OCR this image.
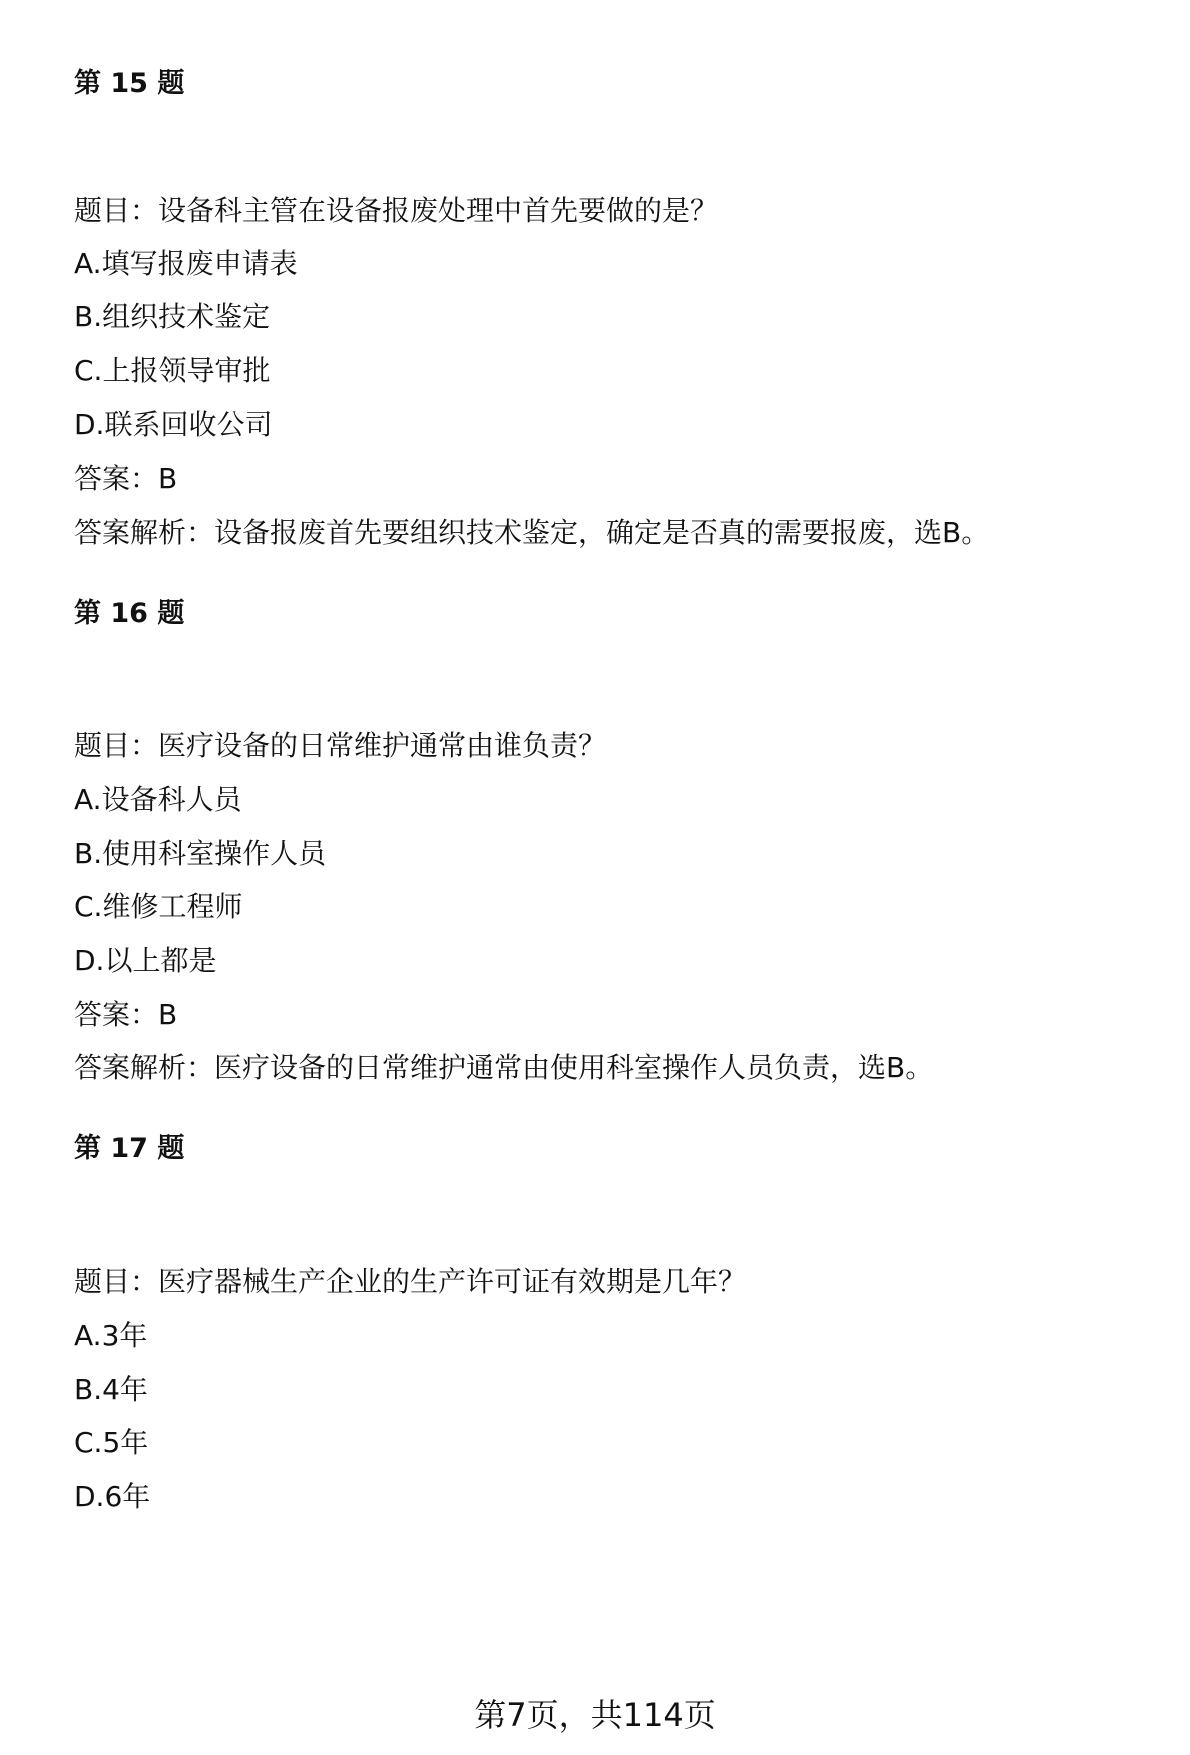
第 15 题
题目：设备科主管在设备报废处理中首先要做的是？
A.填写报废申请表
B.组织技术鉴定
C.上报领导审批
D.联系回收公司
答案：B
答案解析：设备报废首先要组织技术鉴定，确定是否真的需要报废，选B。
第 16 题
题目：医疗设备的日常维护通常由谁负责？
A.设备科人员
B.使用科室操作人员
C.维修工程师
D.以上都是
答案：B
答案解析：医疗设备的日常维护通常由使用科室操作人员负责，选B。
第 17 题
题目：医疗器械生产企业的生产许可证有效期是几年？
A.3年
B.4年
C.5年
D.6年
第7页，共114页
